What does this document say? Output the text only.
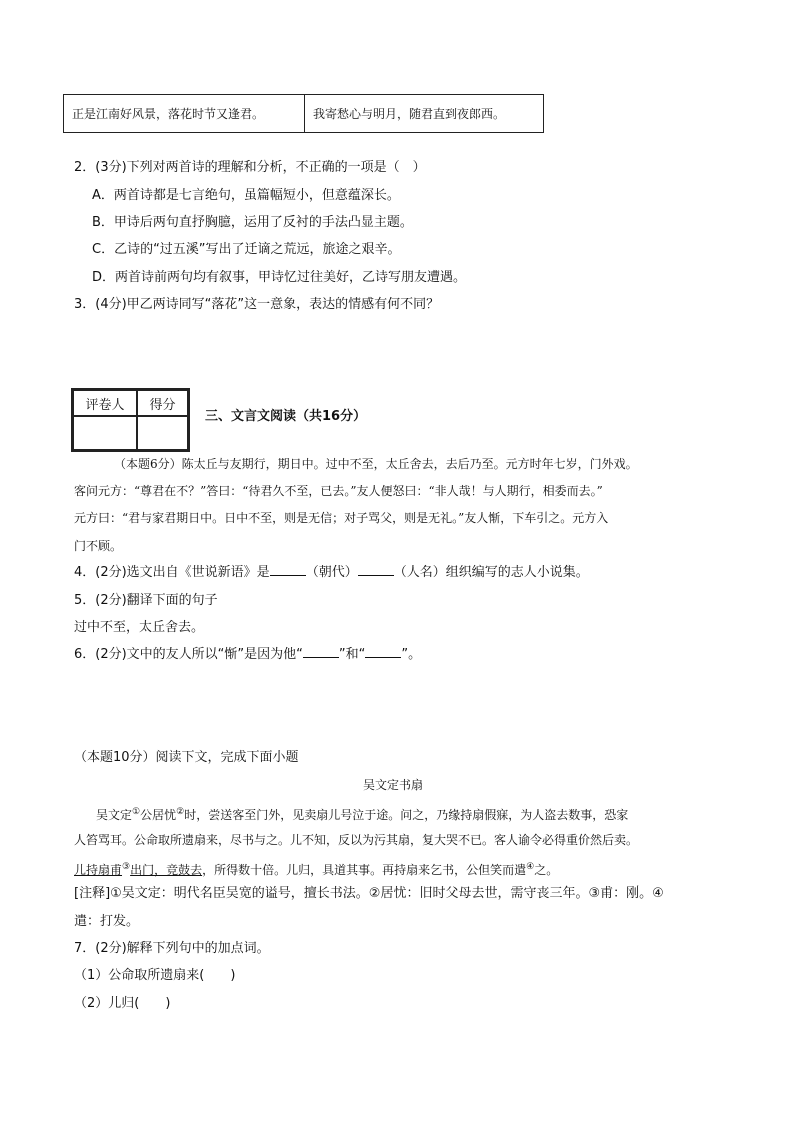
正是江南好风景，落花时节又逢君。	我寄愁心与明月，随君直到夜郎西。
2．(3分)下列对两首诗的理解和分析，不正确的一项是（　）
A．两首诗都是七言绝句，虽篇幅短小，但意蕴深长。
B．甲诗后两句直抒胸臆，运用了反衬的手法凸显主题。
C．乙诗的“过五溪”写出了迁谪之荒远，旅途之艰辛。
D．两首诗前两句均有叙事，甲诗忆过往美好，乙诗写朋友遭遇。
3．(4分)甲乙两诗同写“落花”这一意象，表达的情感有何不同？
评卷人	得分
三、文言文阅读（共16分）
（本题6分）陈太丘与友期行，期日中。过中不至，太丘舍去，去后乃至。元方时年七岁，门外戏。
客问元方：“尊君在不？”答曰：“待君久不至，已去。”友人便怒曰：“非人哉！与人期行，相委而去。”
元方曰：“君与家君期日中。日中不至，则是无信；对子骂父，则是无礼。”友人惭，下车引之。元方入
门不顾。
4．(2分)选文出自《世说新语》是	（朝代）	（人名）组织编写的志人小说集。
5．(2分)翻译下面的句子
过中不至，太丘舍去。
6．(2分)文中的友人所以“惭”是因为他“	”和“	”。
（本题10分）阅读下文，完成下面小题
吴文定书扇
吴文定①公居忧②时，尝送客至门外，见卖扇儿号泣于途。问之，乃缘持扇假寐，为人盗去数事，恐家
人笞骂耳。公命取所遗扇来，尽书与之。儿不知，反以为污其扇，复大哭不已。客人谕令必得重价然后卖。
儿持扇甫③出门，竞鼓去，所得数十倍。儿归，具道其事。再持扇来乞书，公但笑而遣④之。
[注释]①吴文定：明代名臣吴宽的谥号，擅长书法。②居忧：旧时父母去世，需守丧三年。③甫：刚。④
遣：打发。
7．(2分)解释下列句中的加点词。
（1）公命取所遗扇来(　　)
（2）儿归(　　)
